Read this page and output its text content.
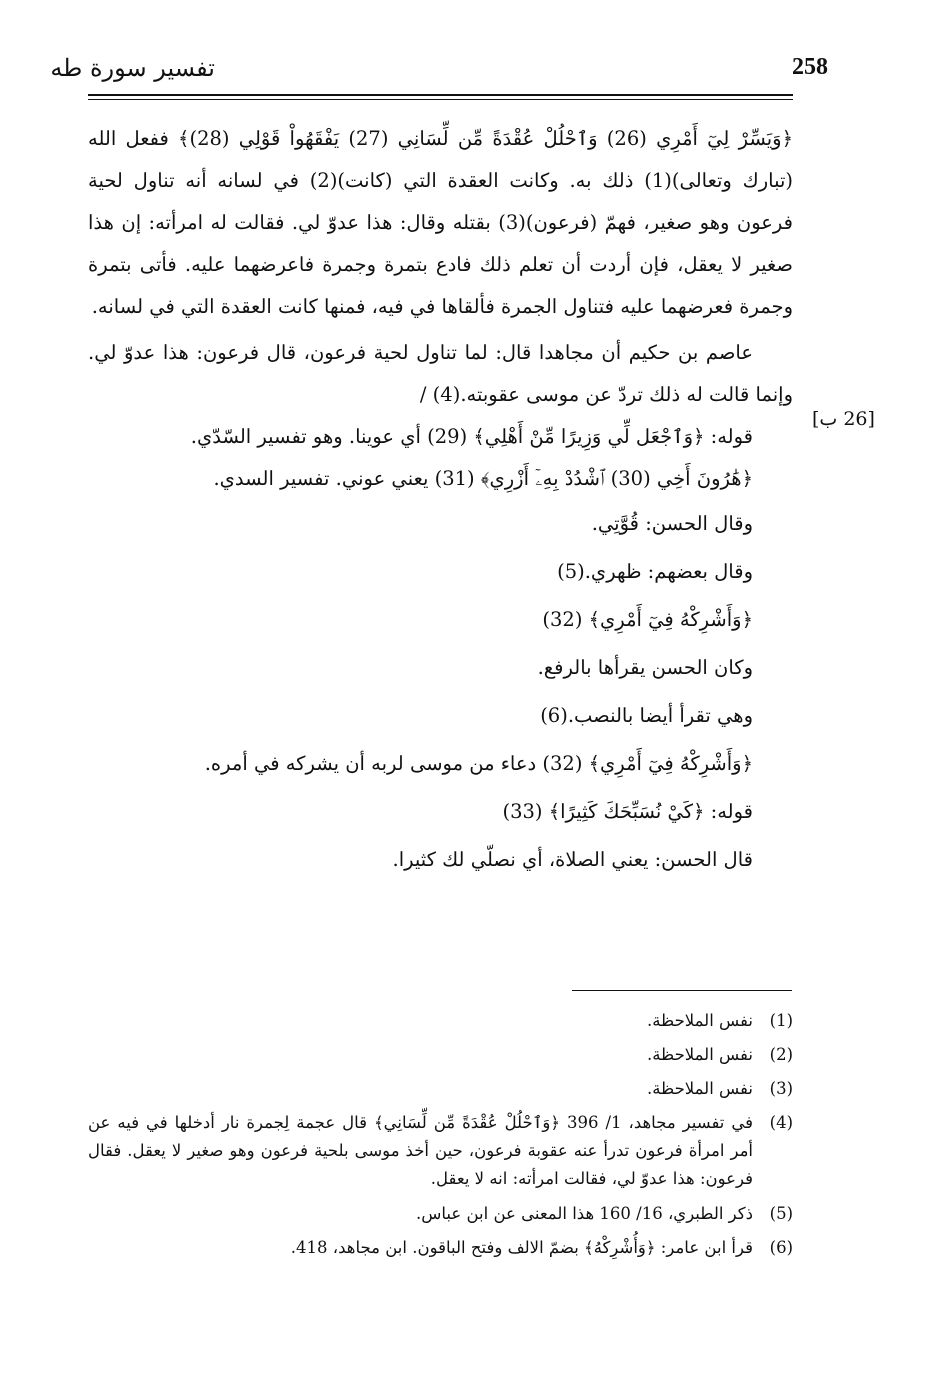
تفسير سورة طه	258

﴿وَيَسِّرْ لِيٓ أَمْرِي (26) وَٱحْلُلْ عُقْدَةً مِّن لِّسَانِي (27) يَفْقَهُواْ قَوْلِي (28)﴾ ففعل الله (تبارك وتعالى)(1) ذلك به. وكانت العقدة التي (كانت)(2) في لسانه أنه تناول لحية فرعون وهو صغير، فهمّ (فرعون)(3) بقتله وقال: هذا عدوّ لي. فقالت له امرأته: إن هذا صغير لا يعقل، فإن أردت أن تعلم ذلك فادع بتمرة وجمرة فاعرضهما عليه. فأتى بتمرة وجمرة فعرضهما عليه فتناول الجمرة فألقاها في فيه، فمنها كانت العقدة التي في لسانه.

عاصم بن حكيم أن مجاهدا قال: لما تناول لحية فرعون، قال فرعون: هذا عدوّ لي. وإنما قالت له ذلك تردّ عن موسى عقوبته.(4) /

قوله: ﴿وَٱجْعَل لِّي وَزِيرًا مِّنْ أَهْلِي﴾ (29) أي عوينا. وهو تفسير السّدّي.

﴿هَٰرُونَ أَخِي (30) ٱشْدُدْ بِهِۦٓ أَزْرِي﴾ (31) يعني عوني. تفسير السدي.

وقال الحسن: قُوَّتِي.

وقال بعضهم: ظهري.(5)

﴿وَأَشْرِكْهُ فِيٓ أَمْرِي﴾ (32)

وكان الحسن يقرأها بالرفع.

وهي تقرأ أيضا بالنصب.(6)

﴿وَأَشْرِكْهُ فِيٓ أَمْرِي﴾ (32) دعاء من موسى لربه أن يشركه في أمره.

قوله: ﴿كَيْ نُسَبِّحَكَ كَثِيرًا﴾ (33)

قال الحسن: يعني الصلاة، أي نصلّي لك كثيرا.

[26 ب]
(1)
نفس الملاحظة.
(2)
نفس الملاحظة.
(3)
نفس الملاحظة.
(4)
في تفسير مجاهد، 1/ 396 ﴿وَٱحْلُلْ عُقْدَةً مِّن لِّسَانِي﴾ قال عجمة لِجمرة نار أدخلها في فيه عن أمر امرأة فرعون تدرأ عنه عقوبة فرعون، حين أخذ موسى بلحية فرعون وهو صغير لا يعقل. فقال فرعون: هذا عدوّ لي، فقالت امرأته: انه لا يعقل.
(5)
ذكر الطبري، 16/ 160 هذا المعنى عن ابن عباس.
(6)
قرأ ابن عامر: ﴿وَأُشْرِكْهُ﴾ بضمّ الالف وفتح الباقون. ابن مجاهد، 418.
